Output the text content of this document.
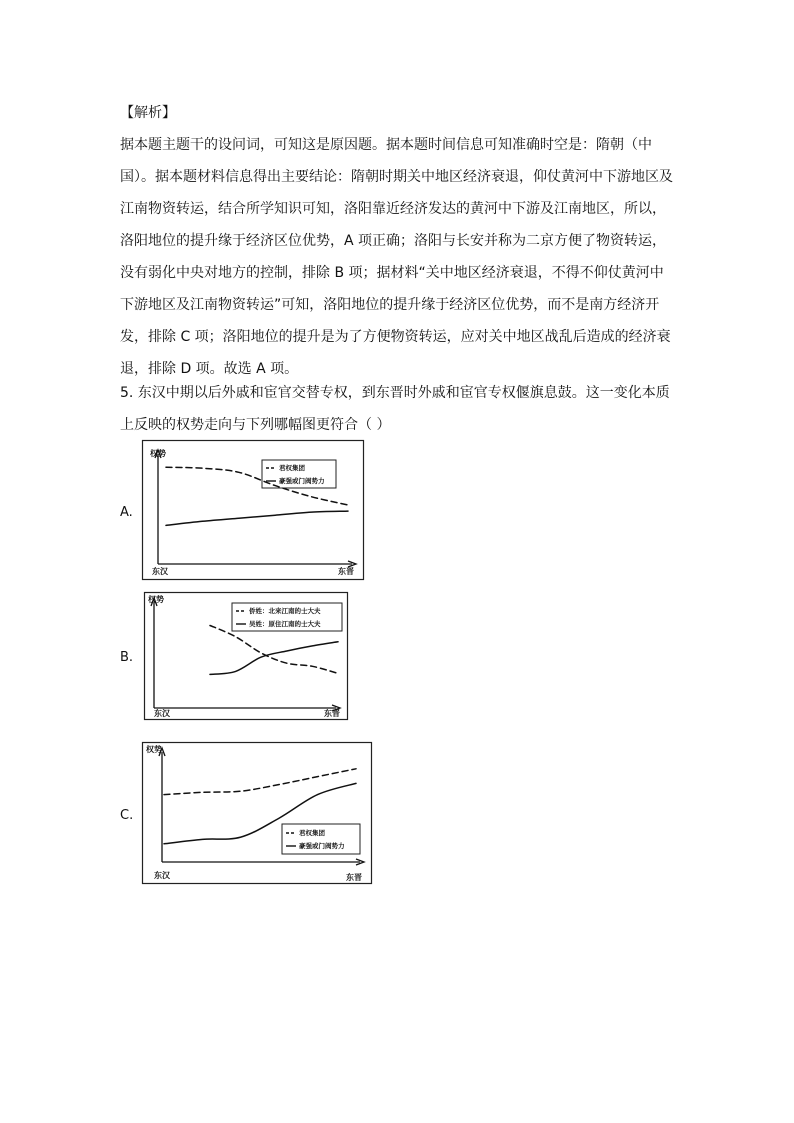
【解析】
据本题主题干的设问词，可知这是原因题。据本题时间信息可知准确时空是：隋朝（中
国）。据本题材料信息得出主要结论：隋朝时期关中地区经济衰退，仰仗黄河中下游地区及
江南物资转运，结合所学知识可知，洛阳靠近经济发达的黄河中下游及江南地区，所以，
洛阳地位的提升缘于经济区位优势，A 项正确；洛阳与长安并称为二京方便了物资转运，
没有弱化中央对地方的控制，排除 B 项；据材料“关中地区经济衰退，不得不仰仗黄河中
下游地区及江南物资转运”可知，洛阳地位的提升缘于经济区位优势，而不是南方经济开
发，排除 C 项；洛阳地位的提升是为了方便物资转运，应对关中地区战乱后造成的经济衰
退，排除 D 项。故选 A 项。
5. 东汉中期以后外戚和宦官交替专权，到东晋时外戚和宦官专权偃旗息鼓。这一变化本质
上反映的权势走向与下列哪幅图更符合（ ）
A.
权势
东汉	东晋
君权集团
豪强或门阀势力
B.
权势
东汉	东晋
侨姓：北来江南的士大夫
吴姓：原住江南的士大夫
C.
权势
东汉	东晋
君权集团
豪强或门阀势力
